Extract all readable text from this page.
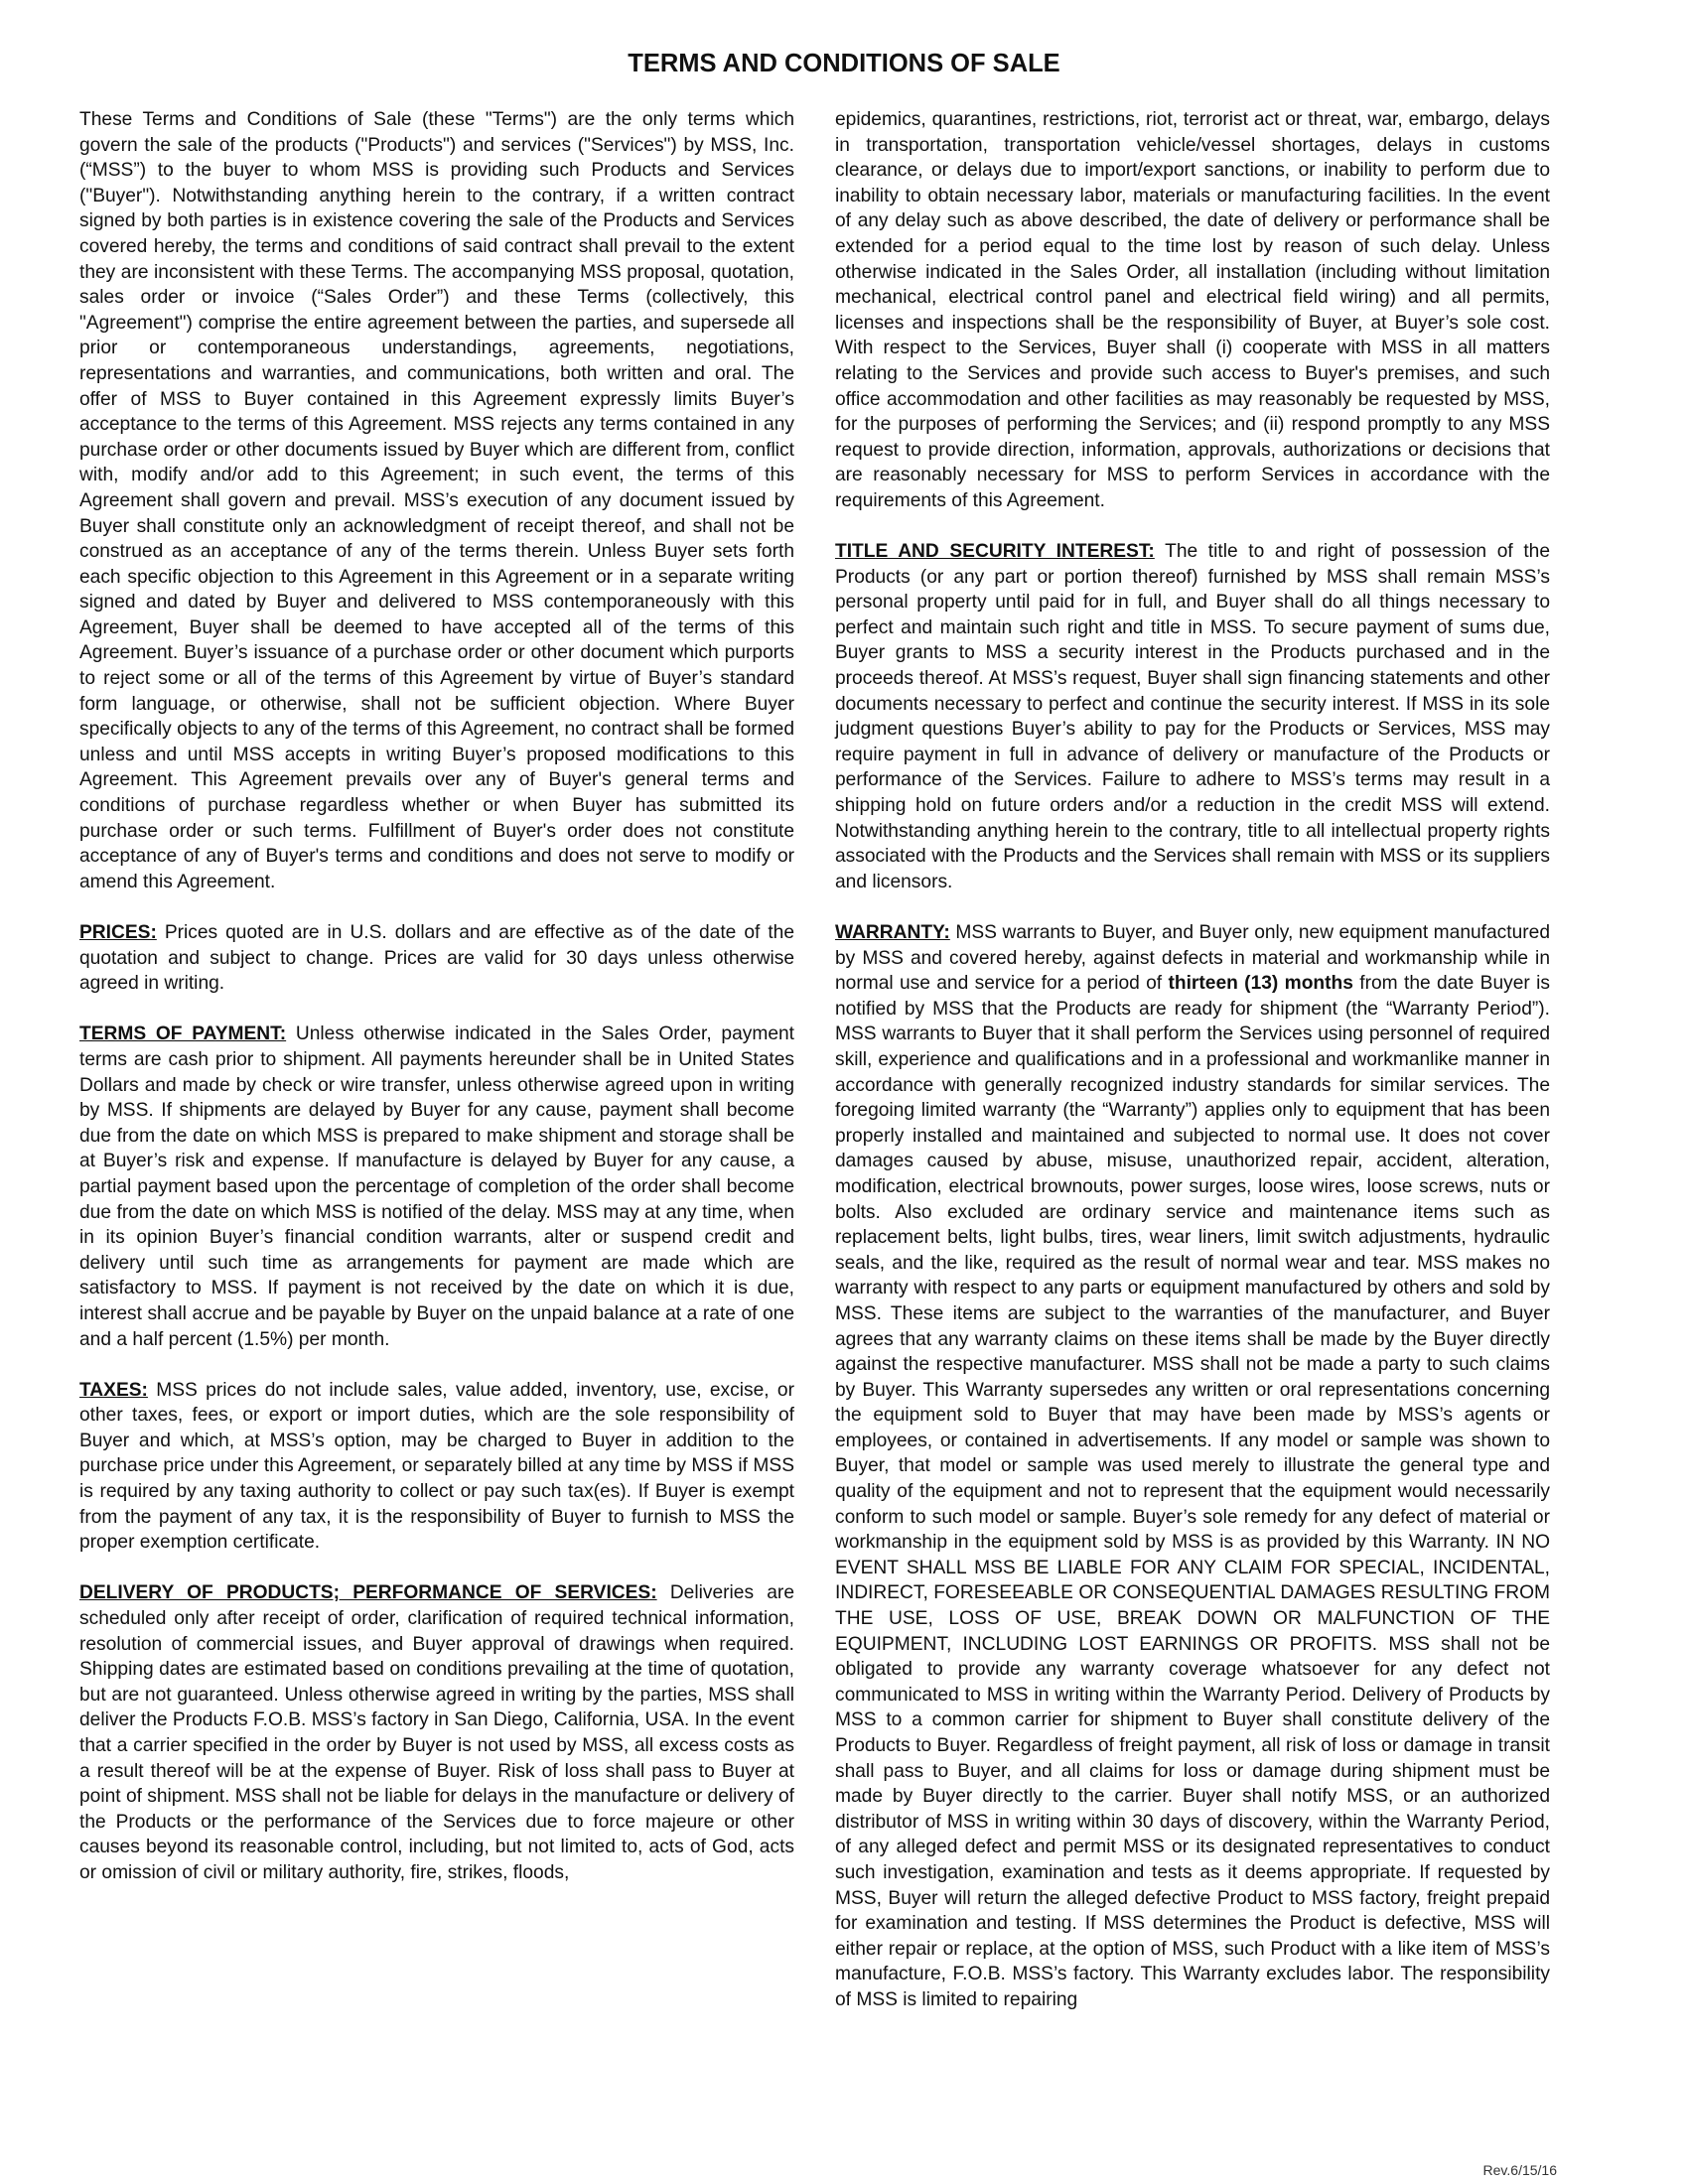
TERMS AND CONDITIONS OF SALE

These Terms and Conditions of Sale (these "Terms") are the only terms which govern the sale of the products ("Products") and services ("Services") by MSS, Inc. (“MSS”) to the buyer to whom MSS is providing such Products and Services ("Buyer"). Notwithstanding anything herein to the contrary, if a written contract signed by both parties is in existence covering the sale of the Products and Services covered hereby, the terms and conditions of said contract shall prevail to the extent they are inconsistent with these Terms. The accompanying MSS proposal, quotation, sales order or invoice (“Sales Order”) and these Terms (collectively, this "Agreement") comprise the entire agreement between the parties, and supersede all prior or contemporaneous understandings, agreements, negotiations, representations and warranties, and communications, both written and oral. The offer of MSS to Buyer contained in this Agreement expressly limits Buyer’s acceptance to the terms of this Agreement. MSS rejects any terms contained in any purchase order or other documents issued by Buyer which are different from, conflict with, modify and/or add to this Agreement; in such event, the terms of this Agreement shall govern and prevail. MSS’s execution of any document issued by Buyer shall constitute only an acknowledgment of receipt thereof, and shall not be construed as an acceptance of any of the terms therein. Unless Buyer sets forth each specific objection to this Agreement in this Agreement or in a separate writing signed and dated by Buyer and delivered to MSS contemporaneously with this Agreement, Buyer shall be deemed to have accepted all of the terms of this Agreement. Buyer’s issuance of a purchase order or other document which purports to reject some or all of the terms of this Agreement by virtue of Buyer’s standard form language, or otherwise, shall not be sufficient objection. Where Buyer specifically objects to any of the terms of this Agreement, no contract shall be formed unless and until MSS accepts in writing Buyer’s proposed modifications to this Agreement. This Agreement prevails over any of Buyer's general terms and conditions of purchase regardless whether or when Buyer has submitted its purchase order or such terms. Fulfillment of Buyer's order does not constitute acceptance of any of Buyer's terms and conditions and does not serve to modify or amend this Agreement.

PRICES: Prices quoted are in U.S. dollars and are effective as of the date of the quotation and subject to change. Prices are valid for 30 days unless otherwise agreed in writing.

TERMS OF PAYMENT: Unless otherwise indicated in the Sales Order, payment terms are cash prior to shipment. All payments hereunder shall be in United States Dollars and made by check or wire transfer, unless otherwise agreed upon in writing by MSS. If shipments are delayed by Buyer for any cause, payment shall become due from the date on which MSS is prepared to make shipment and storage shall be at Buyer’s risk and expense. If manufacture is delayed by Buyer for any cause, a partial payment based upon the percentage of completion of the order shall become due from the date on which MSS is notified of the delay. MSS may at any time, when in its opinion Buyer’s financial condition warrants, alter or suspend credit and delivery until such time as arrangements for payment are made which are satisfactory to MSS. If payment is not received by the date on which it is due, interest shall accrue and be payable by Buyer on the unpaid balance at a rate of one and a half percent (1.5%) per month.

TAXES: MSS prices do not include sales, value added, inventory, use, excise, or other taxes, fees, or export or import duties, which are the sole responsibility of Buyer and which, at MSS’s option, may be charged to Buyer in addition to the purchase price under this Agreement, or separately billed at any time by MSS if MSS is required by any taxing authority to collect or pay such tax(es). If Buyer is exempt from the payment of any tax, it is the responsibility of Buyer to furnish to MSS the proper exemption certificate.

DELIVERY OF PRODUCTS; PERFORMANCE OF SERVICES: Deliveries are scheduled only after receipt of order, clarification of required technical information, resolution of commercial issues, and Buyer approval of drawings when required. Shipping dates are estimated based on conditions prevailing at the time of quotation, but are not guaranteed. Unless otherwise agreed in writing by the parties, MSS shall deliver the Products F.O.B. MSS’s factory in San Diego, California, USA. In the event that a carrier specified in the order by Buyer is not used by MSS, all excess costs as a result thereof will be at the expense of Buyer. Risk of loss shall pass to Buyer at point of shipment. MSS shall not be liable for delays in the manufacture or delivery of the Products or the performance of the Services due to force majeure or other causes beyond its reasonable control, including, but not limited to, acts of God, acts or omission of civil or military authority, fire, strikes, floods,

epidemics, quarantines, restrictions, riot, terrorist act or threat, war, embargo, delays in transportation, transportation vehicle/vessel shortages, delays in customs clearance, or delays due to import/export sanctions, or inability to perform due to inability to obtain necessary labor, materials or manufacturing facilities. In the event of any delay such as above described, the date of delivery or performance shall be extended for a period equal to the time lost by reason of such delay. Unless otherwise indicated in the Sales Order, all installation (including without limitation mechanical, electrical control panel and electrical field wiring) and all permits, licenses and inspections shall be the responsibility of Buyer, at Buyer’s sole cost. With respect to the Services, Buyer shall (i) cooperate with MSS in all matters relating to the Services and provide such access to Buyer's premises, and such office accommodation and other facilities as may reasonably be requested by MSS, for the purposes of performing the Services; and (ii) respond promptly to any MSS request to provide direction, information, approvals, authorizations or decisions that are reasonably necessary for MSS to perform Services in accordance with the requirements of this Agreement.

TITLE AND SECURITY INTEREST: The title to and right of possession of the Products (or any part or portion thereof) furnished by MSS shall remain MSS’s personal property until paid for in full, and Buyer shall do all things necessary to perfect and maintain such right and title in MSS. To secure payment of sums due, Buyer grants to MSS a security interest in the Products purchased and in the proceeds thereof. At MSS’s request, Buyer shall sign financing statements and other documents necessary to perfect and continue the security interest. If MSS in its sole judgment questions Buyer’s ability to pay for the Products or Services, MSS may require payment in full in advance of delivery or manufacture of the Products or performance of the Services. Failure to adhere to MSS’s terms may result in a shipping hold on future orders and/or a reduction in the credit MSS will extend. Notwithstanding anything herein to the contrary, title to all intellectual property rights associated with the Products and the Services shall remain with MSS or its suppliers and licensors.

WARRANTY: MSS warrants to Buyer, and Buyer only, new equipment manufactured by MSS and covered hereby, against defects in material and workmanship while in normal use and service for a period of thirteen (13) months from the date Buyer is notified by MSS that the Products are ready for shipment (the “Warranty Period”). MSS warrants to Buyer that it shall perform the Services using personnel of required skill, experience and qualifications and in a professional and workmanlike manner in accordance with generally recognized industry standards for similar services. The foregoing limited warranty (the “Warranty”) applies only to equipment that has been properly installed and maintained and subjected to normal use. It does not cover damages caused by abuse, misuse, unauthorized repair, accident, alteration, modification, electrical brownouts, power surges, loose wires, loose screws, nuts or bolts. Also excluded are ordinary service and maintenance items such as replacement belts, light bulbs, tires, wear liners, limit switch adjustments, hydraulic seals, and the like, required as the result of normal wear and tear. MSS makes no warranty with respect to any parts or equipment manufactured by others and sold by MSS. These items are subject to the warranties of the manufacturer, and Buyer agrees that any warranty claims on these items shall be made by the Buyer directly against the respective manufacturer. MSS shall not be made a party to such claims by Buyer. This Warranty supersedes any written or oral representations concerning the equipment sold to Buyer that may have been made by MSS’s agents or employees, or contained in advertisements. If any model or sample was shown to Buyer, that model or sample was used merely to illustrate the general type and quality of the equipment and not to represent that the equipment would necessarily conform to such model or sample. Buyer’s sole remedy for any defect of material or workmanship in the equipment sold by MSS is as provided by this Warranty. IN NO EVENT SHALL MSS BE LIABLE FOR ANY CLAIM FOR SPECIAL, INCIDENTAL, INDIRECT, FORESEEABLE OR CONSEQUENTIAL DAMAGES RESULTING FROM THE USE, LOSS OF USE, BREAK DOWN OR MALFUNCTION OF THE EQUIPMENT, INCLUDING LOST EARNINGS OR PROFITS. MSS shall not be obligated to provide any warranty coverage whatsoever for any defect not communicated to MSS in writing within the Warranty Period. Delivery of Products by MSS to a common carrier for shipment to Buyer shall constitute delivery of the Products to Buyer. Regardless of freight payment, all risk of loss or damage in transit shall pass to Buyer, and all claims for loss or damage during shipment must be made by Buyer directly to the carrier. Buyer shall notify MSS, or an authorized distributor of MSS in writing within 30 days of discovery, within the Warranty Period, of any alleged defect and permit MSS or its designated representatives to conduct such investigation, examination and tests as it deems appropriate. If requested by MSS, Buyer will return the alleged defective Product to MSS factory, freight prepaid for examination and testing. If MSS determines the Product is defective, MSS will either repair or replace, at the option of MSS, such Product with a like item of MSS’s manufacture, F.O.B. MSS’s factory. This Warranty excludes labor. The responsibility of MSS is limited to repairing

Rev.6/15/16
